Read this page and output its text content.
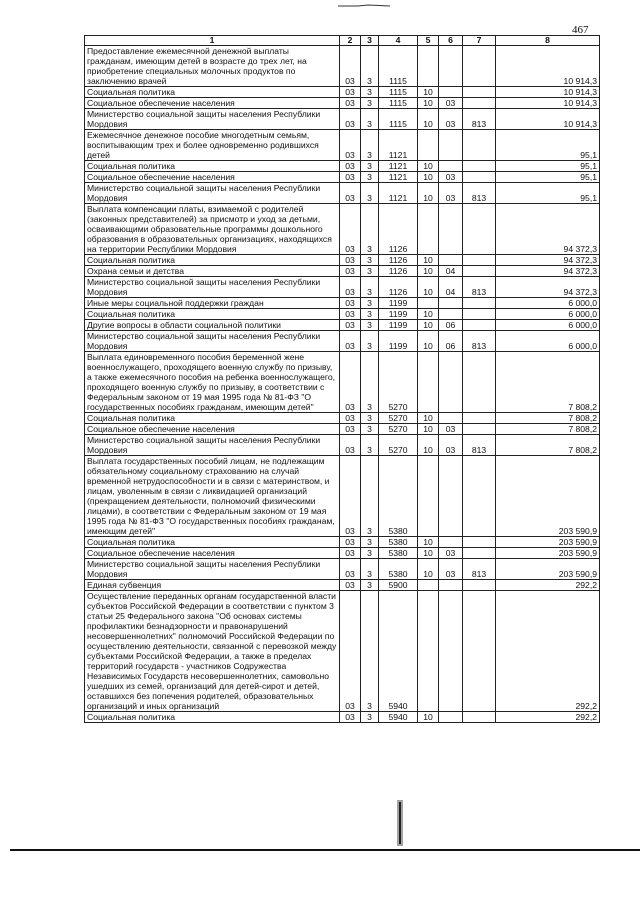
467
1	2	3	4	5	6	7	8
Предоставление ежемесячной денежной выплаты гражданам, имеющим детей в возрасте до трех лет, на приобретение специальных молочных продуктов по заключению врачей	03	3	1115				10 914,3
Социальная политика	03	3	1115	10			10 914,3
Социальное обеспечение населения	03	3	1115	10	03		10 914,3
Министерство социальной защиты населения Республики Мордовия	03	3	1115	10	03	813	10 914,3
Ежемесячное денежное пособие многодетным семьям, воспитывающим трех и более одновременно родившихся детей	03	3	1121				95,1
Социальная политика	03	3	1121	10			95,1
Социальное обеспечение населения	03	3	1121	10	03		95,1
Министерство социальной защиты населения Республики Мордовия	03	3	1121	10	03	813	95,1
Выплата компенсации платы, взимаемой с родителей (законных представителей) за присмотр и уход за детьми, осваивающими образовательные программы дошкольного образования в образовательных организациях, находящихся на территории Республики Мордовия	03	3	1126				94 372,3
Социальная политика	03	3	1126	10			94 372,3
Охрана семьи и детства	03	3	1126	10	04		94 372,3
Министерство социальной защиты населения Республики Мордовия	03	3	1126	10	04	813	94 372,3
Иные меры социальной поддержки граждан	03	3	1199				6 000,0
Социальная политика	03	3	1199	10			6 000,0
Другие вопросы в области социальной политики	03	3	1199	10	06		6 000,0
Министерство социальной защиты населения Республики Мордовия	03	3	1199	10	06	813	6 000,0
Выплата единовременного пособия беременной жене военнослужащего, проходящего военную службу по призыву, а также ежемесячного пособия на ребенка военнослужащего, проходящего военную службу по призыву, в соответствии с Федеральным законом от 19 мая 1995 года № 81-ФЗ "О государственных пособиях гражданам, имеющим детей"	03	3	5270				7 808,2
Социальная политика	03	3	5270	10			7 808,2
Социальное обеспечение населения	03	3	5270	10	03		7 808,2
Министерство социальной защиты населения Республики Мордовия	03	3	5270	10	03	813	7 808,2
Выплата государственных пособий лицам, не подлежащим обязательному социальному страхованию на случай временной нетрудоспособности и в связи с материнством, и лицам, уволенным в связи с ликвидацией организаций (прекращением деятельности, полномочий физическими лицами), в соответствии с Федеральным законом от 19 мая 1995 года № 81-ФЗ "О государственных пособиях гражданам, имеющим детей"	03	3	5380				203 590,9
Социальная политика	03	3	5380	10			203 590,9
Социальное обеспечение населения	03	3	5380	10	03		203 590,9
Министерство социальной защиты населения Республики Мордовия	03	3	5380	10	03	813	203 590,9
Единая субвенция	03	3	5900				292,2
Осуществление переданных органам государственной власти субъектов Российской Федерации в соответствии с пунктом 3 статьи 25 Федерального закона "Об основах системы профилактики безнадзорности и правонарушений несовершеннолетних" полномочий Российской Федерации по осуществлению деятельности, связанной с перевозкой между субъектами Российской Федерации, а также в пределах территорий государств - участников Содружества Независимых Государств несовершеннолетних, самовольно ушедших из семей, организаций для детей-сирот и детей, оставшихся без попечения родителей, образовательных организаций и иных организаций	03	3	5940				292,2
Социальная политика	03	3	5940	10			292,2
